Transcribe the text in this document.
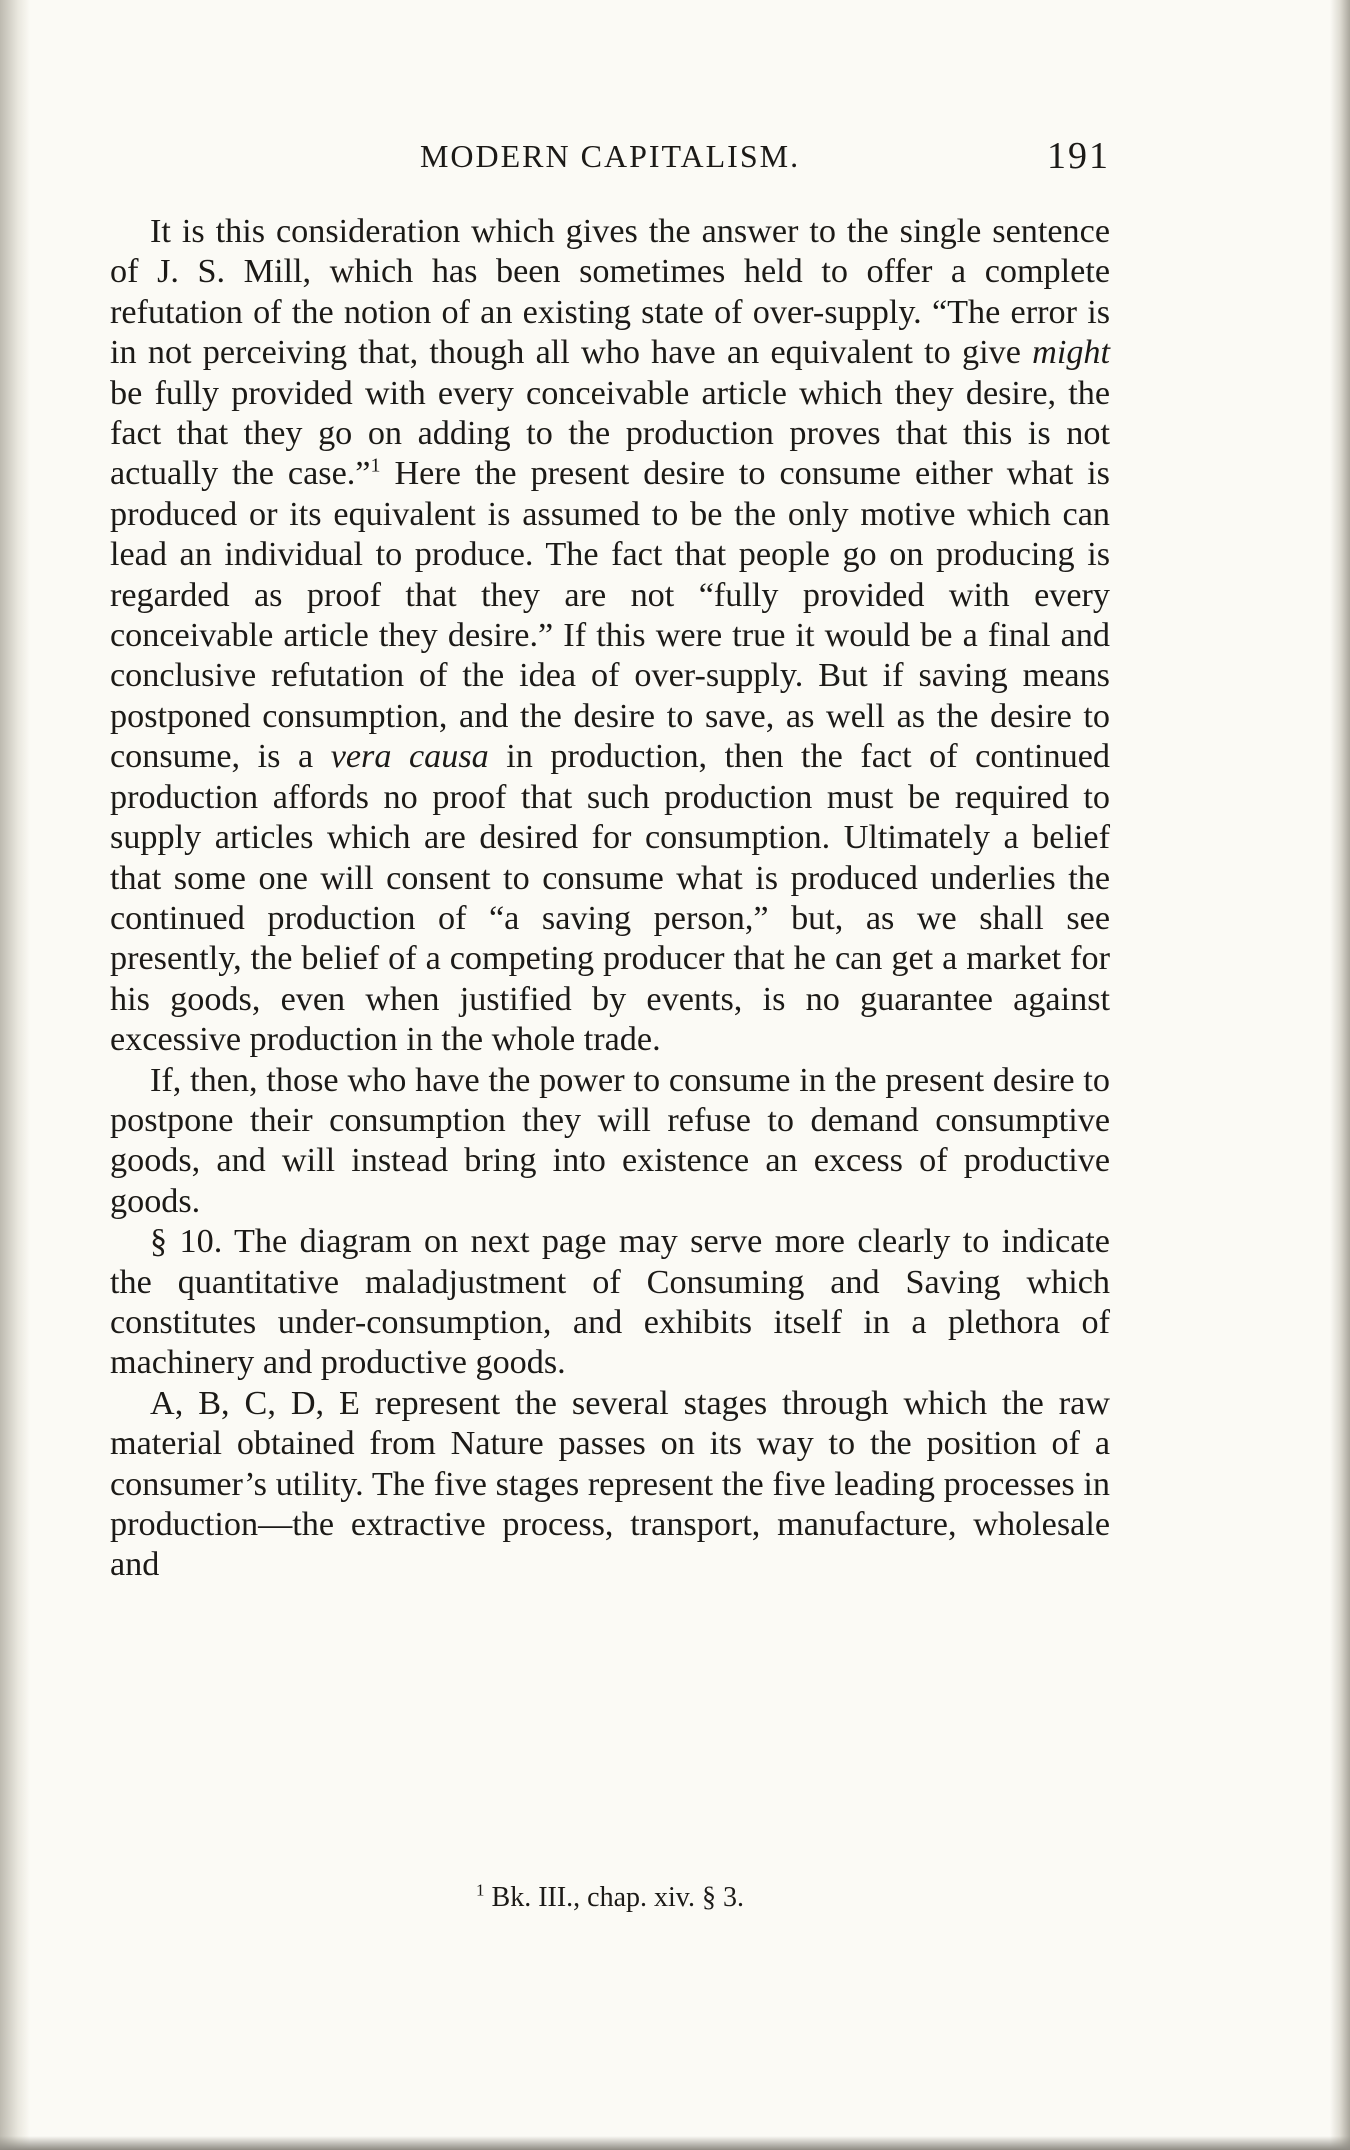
MODERN CAPITALISM.	191

It is this consideration which gives the answer to the single sentence of J. S. Mill, which has been sometimes held to offer a complete refutation of the notion of an existing state of over-supply. “The error is in not perceiving that, though all who have an equivalent to give might be fully provided with every conceivable article which they desire, the fact that they go on adding to the production proves that this is not actually the case.”$^1$ Here the present desire to consume either what is produced or its equivalent is assumed to be the only motive which can lead an individual to produce. The fact that people go on producing is regarded as proof that they are not “fully provided with every conceivable article they desire.” If this were true it would be a final and conclusive refutation of the idea of over-supply. But if saving means postponed consumption, and the desire to save, as well as the desire to consume, is a vera causa in production, then the fact of continued production affords no proof that such production must be required to supply articles which are desired for consumption. Ultimately a belief that some one will consent to consume what is produced underlies the continued production of “a saving person,” but, as we shall see presently, the belief of a competing producer that he can get a market for his goods, even when justified by events, is no guarantee against excessive production in the whole trade.

If, then, those who have the power to consume in the present desire to postpone their consumption they will refuse to demand consumptive goods, and will instead bring into existence an excess of productive goods.

§ 10. The diagram on next page may serve more clearly to indicate the quantitative maladjustment of Consuming and Saving which constitutes under-consumption, and exhibits itself in a plethora of machinery and productive goods.

A, B, C, D, E represent the several stages through which the raw material obtained from Nature passes on its way to the position of a consumer’s utility. The five stages represent the five leading processes in production—the extractive process, transport, manufacture, wholesale and

$^1$ Bk. III., chap. xiv. § 3.
